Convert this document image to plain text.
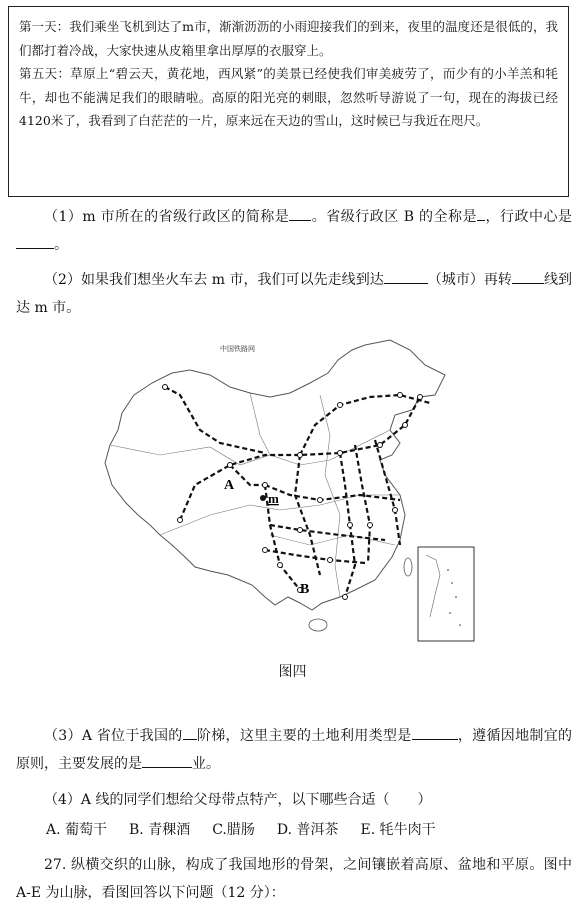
第一天：我们乘坐飞机到达了m市，渐渐沥沥的小雨迎接我们的到来，夜里的温度还是很低的，我们都打着冷战，大家快速从皮箱里拿出厚厚的衣服穿上。

第五天：草原上“碧云天，黄花地，西风紧”的美景已经使我们审美疲劳了，而少有的小羊羔和牦牛，却也不能满足我们的眼睛啦。高原的阳光亮的刺眼，忽然听导游说了一句，现在的海拔已经4120米了，我看到了白茫茫的一片，原来远在天边的雪山，这时候已与我近在咫尺。

（1）m 市所在的省级行政区的简称是 。省级行政区 B 的全称是 ，行政中心是。
（2）如果我们想坐火车去 m 市，我们可以先走线到达	（城市）再转 线到达 m 市。
中国铁路网
A
B
m
图四
（3）A 省位于我国的 阶梯，这里主要的土地利用类型是	，遵循因地制宜的原则，主要发展的是	业。
（4）A 线的同学们想给父母带点特产，以下哪些合适（　　）
A. 葡萄干 B. 青稞酒 C.腊肠 D. 普洱茶 E. 牦牛肉干
27. 纵横交织的山脉，构成了我国地形的骨架，之间镶嵌着高原、盆地和平原。图中 A-E 为山脉，看图回答以下问题（12 分）：
